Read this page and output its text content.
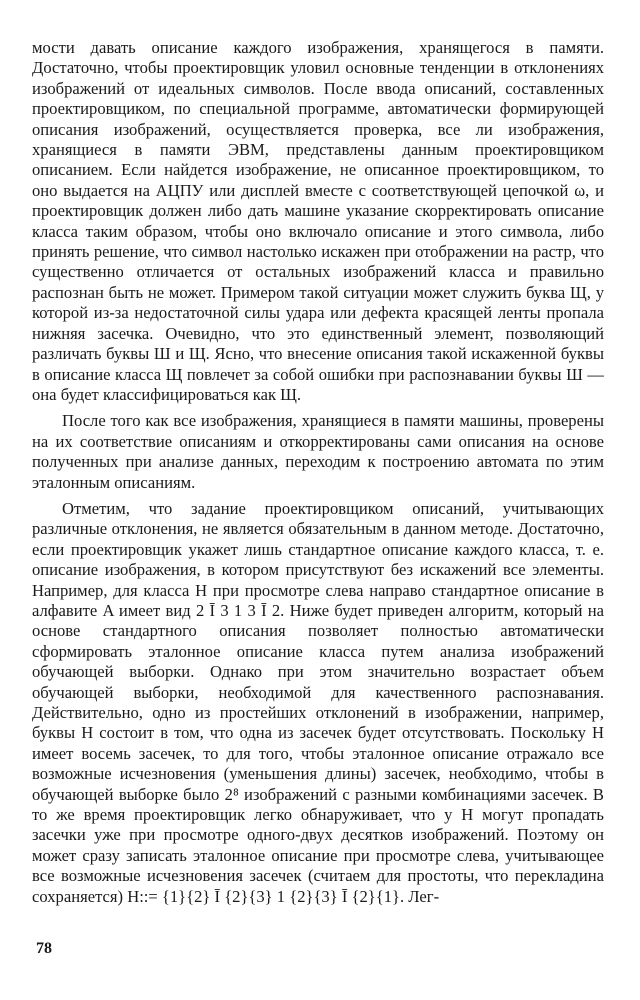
мости давать описание каждого изображения, хранящегося в памяти. Достаточно, чтобы проектировщик уловил основные тенденции в отклонениях изображений от идеальных символов. После ввода описаний, составленных проектировщиком, по специальной программе, автоматически формирующей описания изображений, осуществляется проверка, все ли изображения, хранящиеся в памяти ЭВМ, представлены данным проектировщиком описанием. Если найдется изображение, не описанное проектировщиком, то оно выдается на АЦПУ или дисплей вместе с соответствующей цепочкой ω, и проектировщик должен либо дать машине указание скорректировать описание класса таким образом, чтобы оно включало описание и этого символа, либо принять решение, что символ настолько искажен при отображении на растр, что существенно отличается от остальных изображений класса и правильно распознан быть не может. Примером такой ситуации может служить буква Щ, у которой из-за недостаточной силы удара или дефекта красящей ленты пропала нижняя засечка. Очевидно, что это единственный элемент, позволяющий различать буквы Ш и Щ. Ясно, что внесение описания такой искаженной буквы в описание класса Щ повлечет за собой ошибки при распознавании буквы Ш — она будет классифицироваться как Щ.

После того как все изображения, хранящиеся в памяти машины, проверены на их соответствие описаниям и откорректированы сами описания на основе полученных при анализе данных, переходим к построению автомата по этим эталонным описаниям.

Отметим, что задание проектировщиком описаний, учитывающих различные отклонения, не является обязательным в данном методе. Достаточно, если проектировщик укажет лишь стандартное описание каждого класса, т. е. описание изображения, в котором присутствуют без искажений все элементы. Например, для класса H при просмотре слева направо стандартное описание в алфавите A имеет вид 2 Ī 3 1 3 Ī 2. Ниже будет приведен алгоритм, который на основе стандартного описания позволяет полностью автоматически сформировать эталонное описание класса путем анализа изображений обучающей выборки. Однако при этом значительно возрастает объем обучающей выборки, необходимой для качественного распознавания. Действительно, одно из простейших отклонений в изображении, например, буквы Н состоит в том, что одна из засечек будет отсутствовать. Поскольку Н имеет восемь засечек, то для того, чтобы эталонное описание отражало все возможные исчезновения (уменьшения длины) засечек, необходимо, чтобы в обучающей выборке было 2⁸ изображений с разными комбинациями засечек. В то же время проектировщик легко обнаруживает, что у Н могут пропадать засечки уже при просмотре одного-двух десятков изображений. Поэтому он может сразу записать эталонное описание при просмотре слева, учитывающее все возможные исчезновения засечек (считаем для простоты, что перекладина сохраняется) Н::= {1}{2} Ī {2}{3} 1 {2}{3} Ī {2}{1}. Лег-

78
